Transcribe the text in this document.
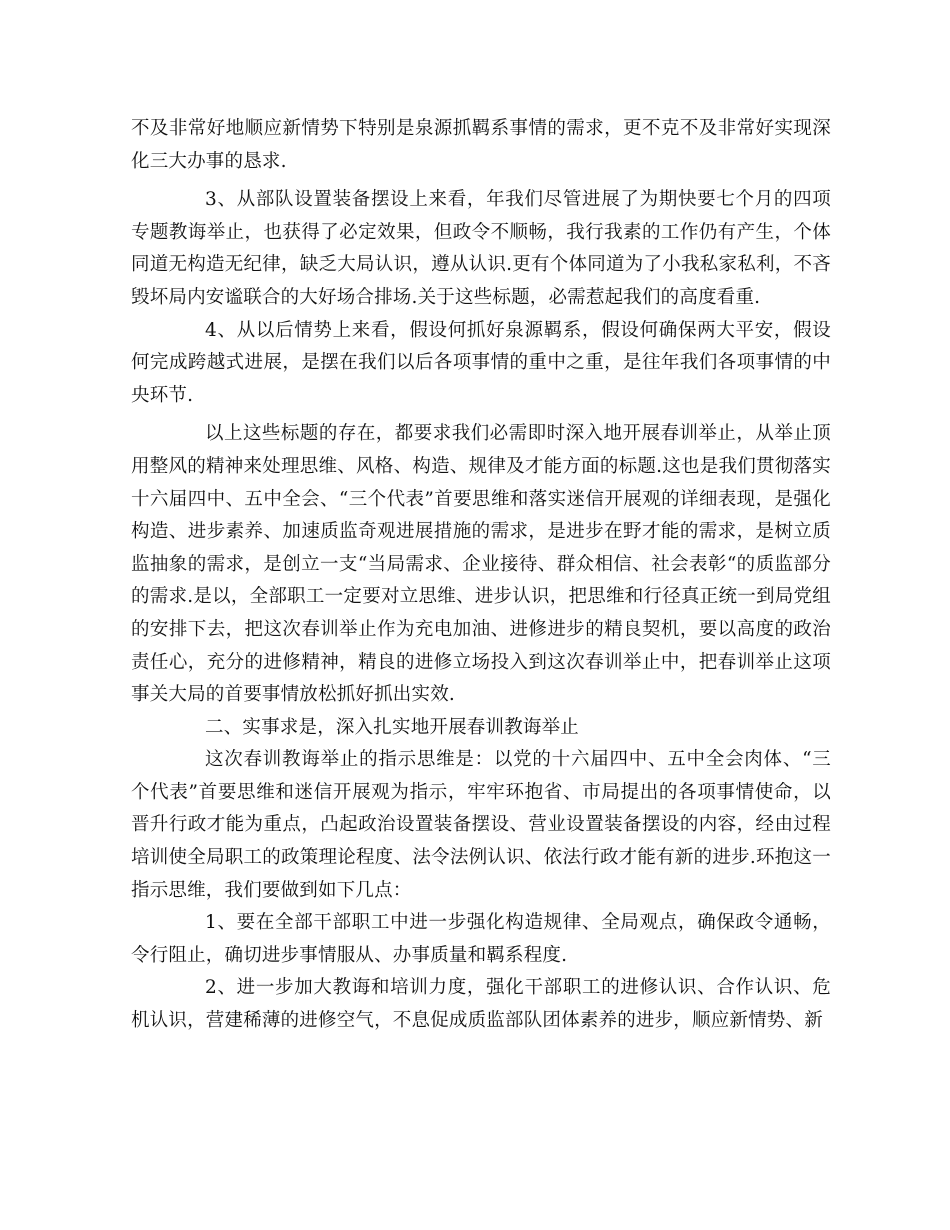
不及非常好地顺应新情势下特别是泉源抓羁系事情的需求，更不克不及非常好实现深化三大办事的恳求.

3、从部队设置装备摆设上来看，年我们尽管进展了为期快要七个月的四项专题教诲举止，也获得了必定效果，但政令不顺畅，我行我素的工作仍有产生，个体同道无构造无纪律，缺乏大局认识，遵从认识.更有个体同道为了小我私家私利，不吝毁坏局内安谧联合的大好场合排场.关于这些标题，必需惹起我们的高度看重.

4、从以后情势上来看，假设何抓好泉源羁系，假设何确保两大平安，假设何完成跨越式进展，是摆在我们以后各项事情的重中之重，是往年我们各项事情的中央环节.

以上这些标题的存在，都要求我们必需即时深入地开展春训举止，从举止顶用整风的精神来处理思维、风格、构造、规律及才能方面的标题.这也是我们贯彻落实十六届四中、五中全会、“三个代表”首要思维和落实迷信开展观的详细表现，是强化构造、进步素养、加速质监奇观进展措施的需求，是进步在野才能的需求，是树立质监抽象的需求，是创立一支“当局需求、企业接待、群众相信、社会表彰“的质监部分的需求.是以，全部职工一定要对立思维、进步认识，把思维和行径真正统一到局党组的安排下去，把这次春训举止作为充电加油、进修进步的精良契机，要以高度的政治责任心，充分的进修精神，精良的进修立场投入到这次春训举止中，把春训举止这项事关大局的首要事情放松抓好抓出实效.

二、实事求是，深入扎实地开展春训教诲举止

这次春训教诲举止的指示思维是：以党的十六届四中、五中全会肉体、“三个代表”首要思维和迷信开展观为指示，牢牢环抱省、市局提出的各项事情使命，以晋升行政才能为重点，凸起政治设置装备摆设、营业设置装备摆设的内容，经由过程培训使全局职工的政策理论程度、法令法例认识、依法行政才能有新的进步.环抱这一指示思维，我们要做到如下几点：

1、要在全部干部职工中进一步强化构造规律、全局观点，确保政令通畅，令行阻止，确切进步事情服从、办事质量和羁系程度.

2、进一步加大教诲和培训力度，强化干部职工的进修认识、合作认识、危机认识，营建稀薄的进修空气，不息促成质监部队团体素养的进步，顺应新情势、新
